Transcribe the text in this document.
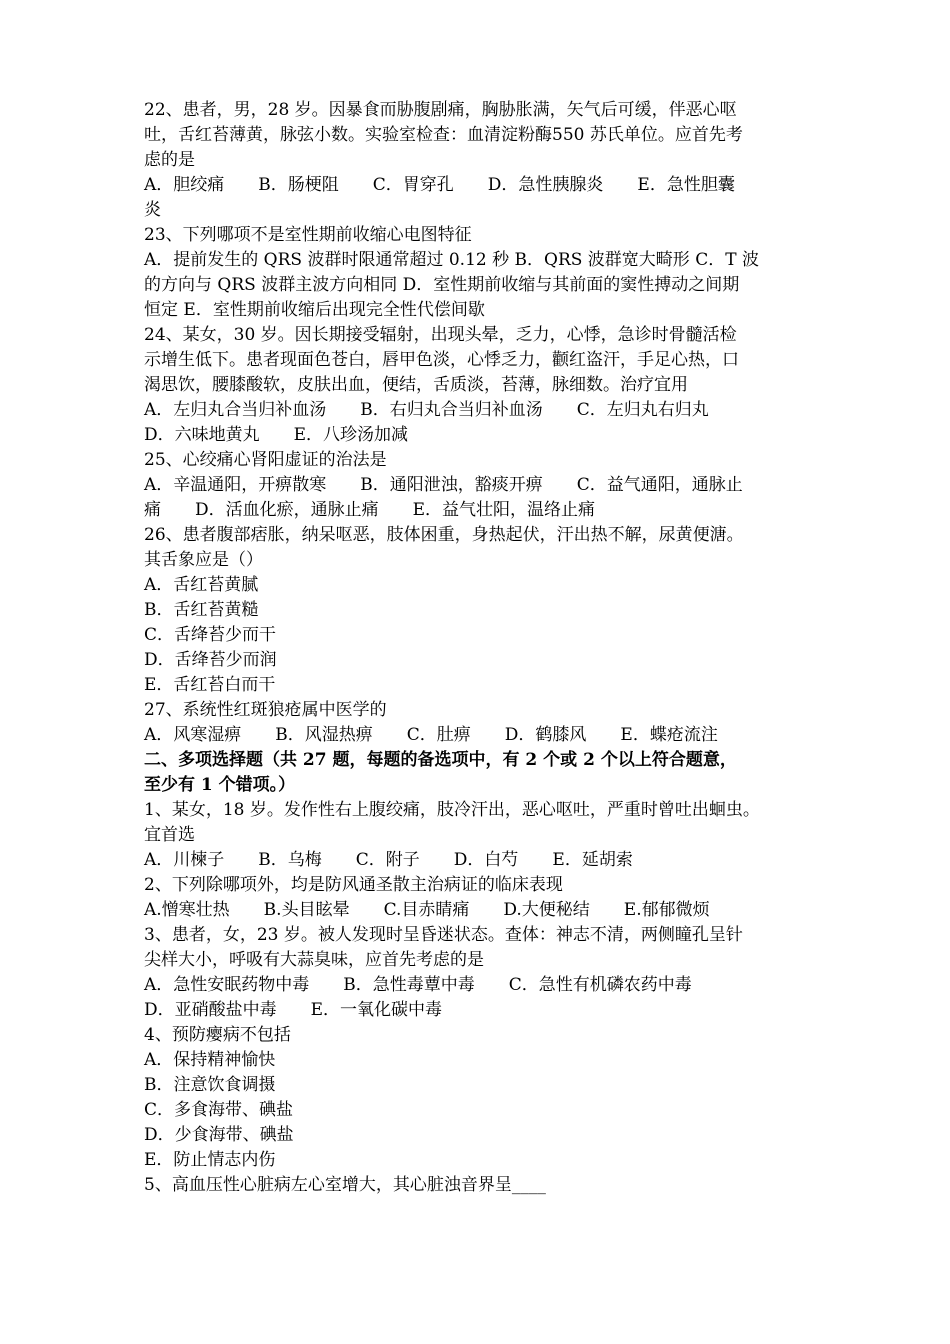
22、患者，男，28 岁。因暴食而胁腹剧痛，胸胁胀满，矢气后可缓，伴恶心呕
吐，舌红苔薄黄，脉弦小数。实验室检查：血清淀粉酶550 苏氏单位。应首先考
虑的是
A．胆绞痛　　B．肠梗阻　　C．胃穿孔　　D．急性胰腺炎　　E．急性胆囊
炎
23、下列哪项不是室性期前收缩心电图特征
A．提前发生的 QRS 波群时限通常超过 0.12 秒 B．QRS 波群宽大畸形 C．T 波
的方向与 QRS 波群主波方向相同 D．室性期前收缩与其前面的窦性搏动之间期
恒定 E．室性期前收缩后出现完全性代偿间歇
24、某女，30 岁。因长期接受辐射，出现头晕，乏力，心悸，急诊时骨髓活检
示增生低下。患者现面色苍白，唇甲色淡，心悸乏力，颧红盗汗，手足心热，口
渴思饮，腰膝酸软，皮肤出血，便结，舌质淡，苔薄，脉细数。治疗宜用
A．左归丸合当归补血汤　　B．右归丸合当归补血汤　　C．左归丸右归丸
D．六味地黄丸　　E．八珍汤加减
25、心绞痛心肾阳虚证的治法是
A．辛温通阳，开痹散寒　　B．通阳泄浊，豁痰开痹　　C．益气通阳，通脉止
痛　　D．活血化瘀，通脉止痛　　E．益气壮阳，温络止痛
26、患者腹部痞胀，纳呆呕恶，肢体困重，身热起伏，汗出热不解，尿黄便溏。
其舌象应是（）
A．舌红苔黄腻
B．舌红苔黄糙
C．舌绛苔少而干
D．舌绛苔少而润
E．舌红苔白而干
27、系统性红斑狼疮属中医学的
A．风寒湿痹　　B．风湿热痹　　C．肚痹　　D．鹤膝风　　E．蝶疮流注
二、多项选择题（共 27 题，每题的备选项中，有 2 个或 2 个以上符合题意，
至少有 1 个错项。）
1、某女，18 岁。发作性右上腹绞痛，肢冷汗出，恶心呕吐，严重时曾吐出蛔虫。
宜首选
A．川楝子　　B．乌梅　　C．附子　　D．白芍　　E．延胡索
2、下列除哪项外，均是防风通圣散主治病证的临床表现
A.憎寒壮热　　B.头目眩晕　　C.目赤睛痛　　D.大便秘结　　E.郁郁微烦
3、患者，女，23 岁。被人发现时呈昏迷状态。查体：神志不清，两侧瞳孔呈针
尖样大小，呼吸有大蒜臭味，应首先考虑的是
A．急性安眠药物中毒　　B．急性毒蕈中毒　　C．急性有机磷农药中毒
D．亚硝酸盐中毒　　E．一氧化碳中毒
4、预防瘿病不包括
A．保持精神愉快
B．注意饮食调摄
C．多食海带、碘盐
D．少食海带、碘盐
E．防止情志内伤
5、高血压性心脏病左心室增大，其心脏浊音界呈____
